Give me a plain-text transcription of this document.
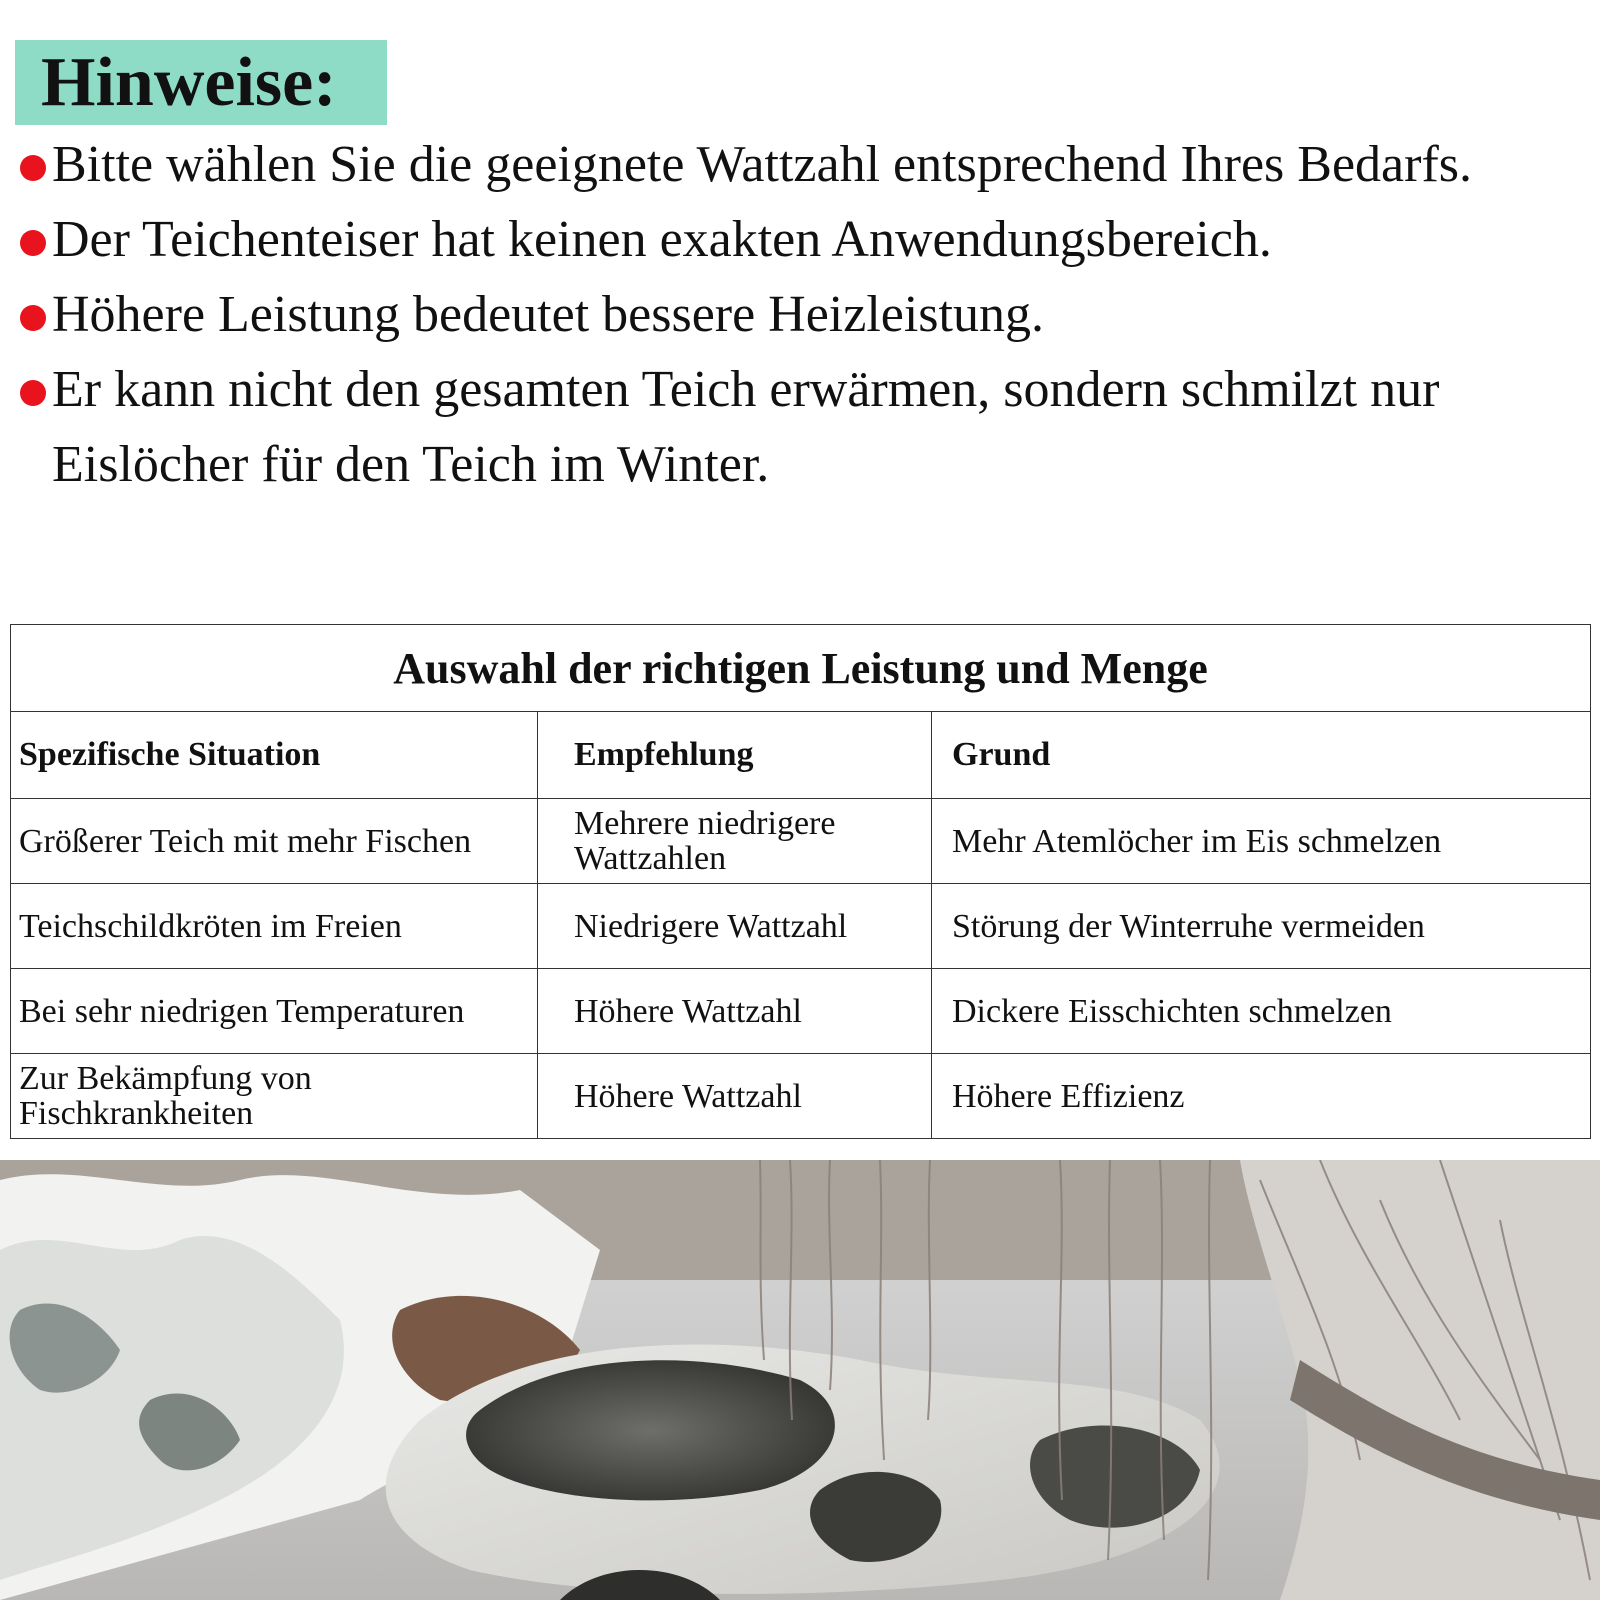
Hinweise:
Bitte wählen Sie die geeignete Wattzahl entsprechend Ihres Bedarfs.
Der Teichenteiser hat keinen exakten Anwendungsbereich.
Höhere Leistung bedeutet bessere Heizleistung.
Er kann nicht den gesamten Teich erwärmen, sondern schmilzt nur Eislöcher für den Teich im Winter.
Auswahl der richtigen Leistung und Menge		
Spezifische Situation	Empfehlung	Grund
Größerer Teich mit mehr Fischen	Mehrere niedrigere Wattzahlen	Mehr Atemlöcher im Eis schmelzen
Teichschildkröten im Freien	Niedrigere Wattzahl	Störung der Winterruhe vermeiden
Bei sehr niedrigen Temperaturen	Höhere Wattzahl	Dickere Eisschichten schmelzen
Zur Bekämpfung von Fischkrankheiten	Höhere Wattzahl	Höhere Effizienz
